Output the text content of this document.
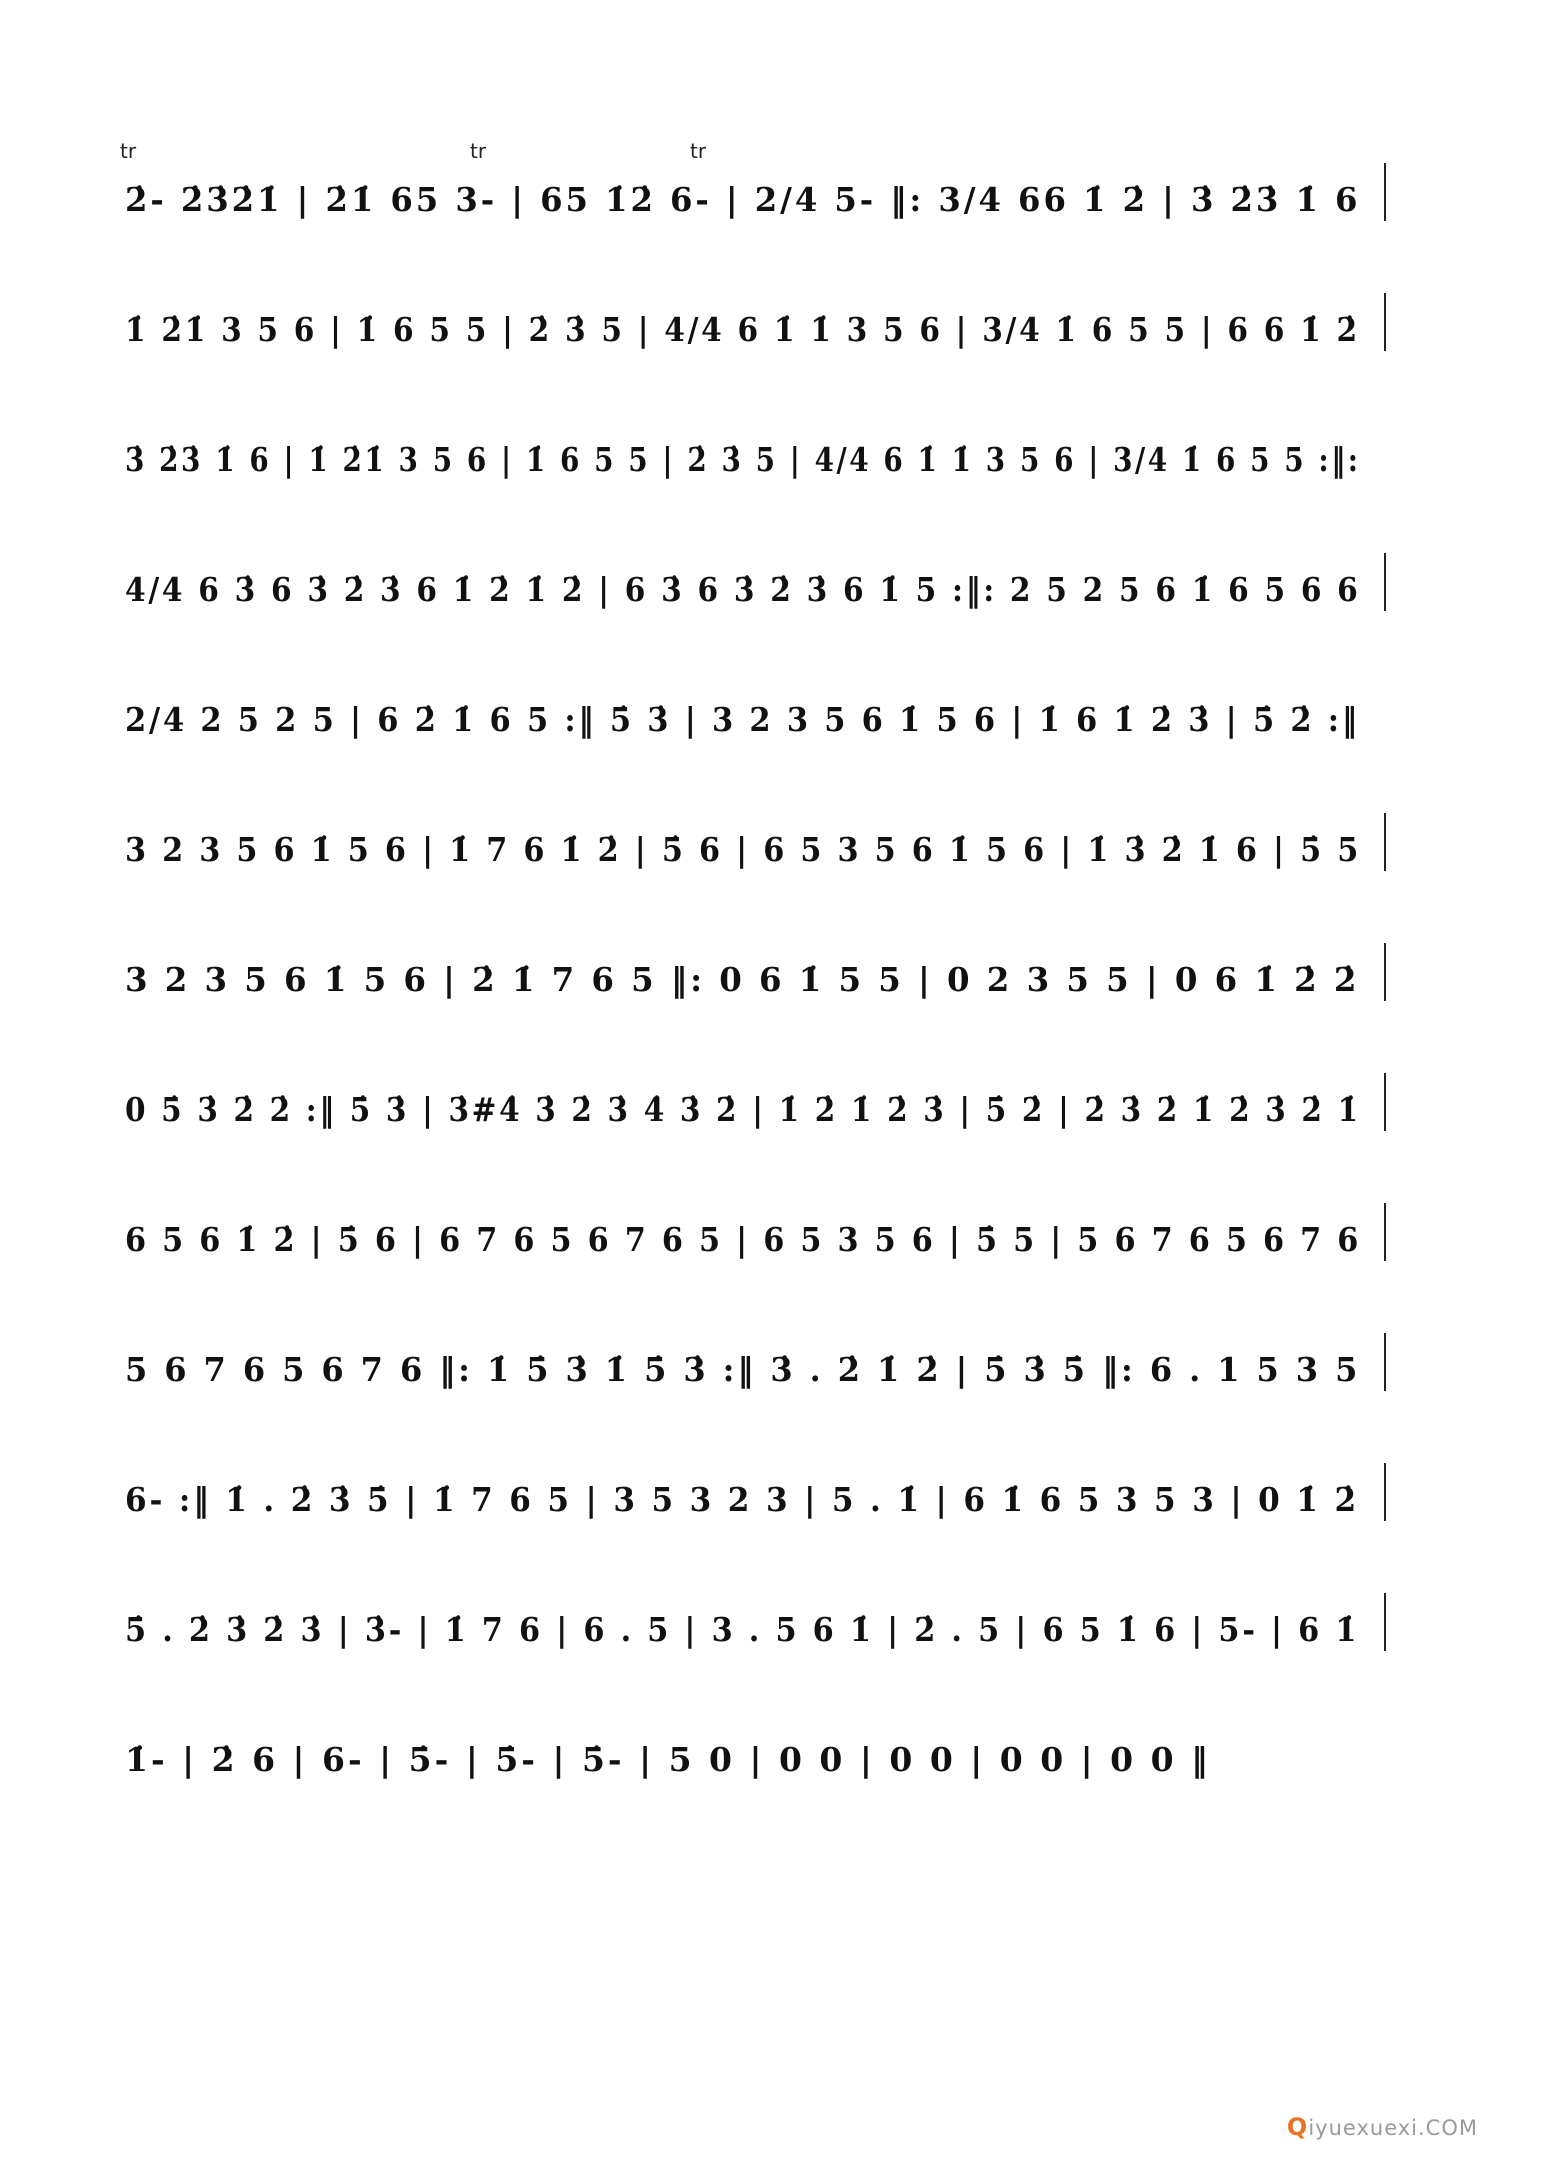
tr	tr	tr
2̇- 2̇3̇2̇1̇ | 2̇1̇ 65 3- | 65 1̇2̇ 6- | 2/4 5- ‖: 3/4 66 1̇ 2̇ | 3̇ 2̇3̇ 1̇ 6
1̇ 2̇1̇ 3 5 6 | 1̇ 6 5 5 | 2̇ 3̇ 5 | 4/4 6 1̇ 1̇ 3 5 6 | 3/4 1̇ 6 5 5 | 6 6 1̇ 2̇
3̇ 2̇3̇ 1̇ 6 | 1̇ 2̇1̇ 3 5 6 | 1̇ 6 5 5 | 2̇ 3̇ 5 | 4/4 6 1̇ 1̇ 3 5 6 | 3/4 1̇ 6 5 5 :‖:
4/4 6 3̇ 6 3̇ 2̇ 3̇ 6 1̇ 2̇ 1̇ 2̇ | 6 3̇ 6 3̇ 2̇ 3̇ 6 1̇ 5 :‖: 2 5 2 5 6 1̇ 6 5 6 6
2/4 2 5 2 5 | 6 2̇ 1̇ 6 5 :‖ 5̇ 3̇ | 3 2 3 5 6 1̇ 5 6 | 1̇ 6 1̇ 2̇ 3̇ | 5̇ 2̇ :‖
3 2 3 5 6 1̇ 5 6 | 1̇ 7 6 1̇ 2̇ | 5̇ 6 | 6 5 3 5 6 1̇ 5 6 | 1̇ 3̇ 2̇ 1̇ 6 | 5̇ 5
3 2 3 5 6 1̇ 5 6 | 2̇ 1̇ 7 6 5 ‖: 0 6 1̇ 5 5 | 0 2 3 5 5 | 0 6 1̇ 2̇ 2̇
0 5̇ 3̇ 2̇ 2̇ :‖ 5̇ 3̇ | 3̇#4̇ 3̇ 2̇ 3̇ 4̇ 3̇ 2̇ | 1̇ 2̇ 1̇ 2̇ 3̇ | 5̇ 2̇ | 2̇ 3̇ 2̇ 1̇ 2̇ 3̇ 2̇ 1̇
6 5 6 1̇ 2̇ | 5̇ 6 | 6 7 6 5 6 7 6 5 | 6 5 3 5 6 | 5̇ 5 | 5 6 7 6 5 6 7 6
5 6 7 6 5 6 7 6 ‖: 1̇ 5̇ 3̇ 1̇ 5̇ 3̇ :‖ 3̇ . 2̇ 1̇ 2̇ | 5̇ 3̇ 5̇ ‖: 6 . 1 5 3 5
6- :‖ 1̇ . 2̇ 3̇ 5̇ | 1̇ 7 6 5 | 3 5 3 2 3 | 5 . 1̇ | 6 1̇ 6 5 3 5 3 | 0 1̇ 2̇
5̇ . 2̇ 3̇ 2̇ 3̇ | 3̇- | 1̇ 7 6 | 6 . 5 | 3 . 5 6 1̇ | 2̇ . 5 | 6 5 1̇ 6 | 5- | 6 1̇
1̇- | 2̇ 6 | 6- | 5̇- | 5̇- | 5̇- | 5 0 | 0 0 | 0 0 | 0 0 | 0 0 ‖
Qiyuexuexi.COM
